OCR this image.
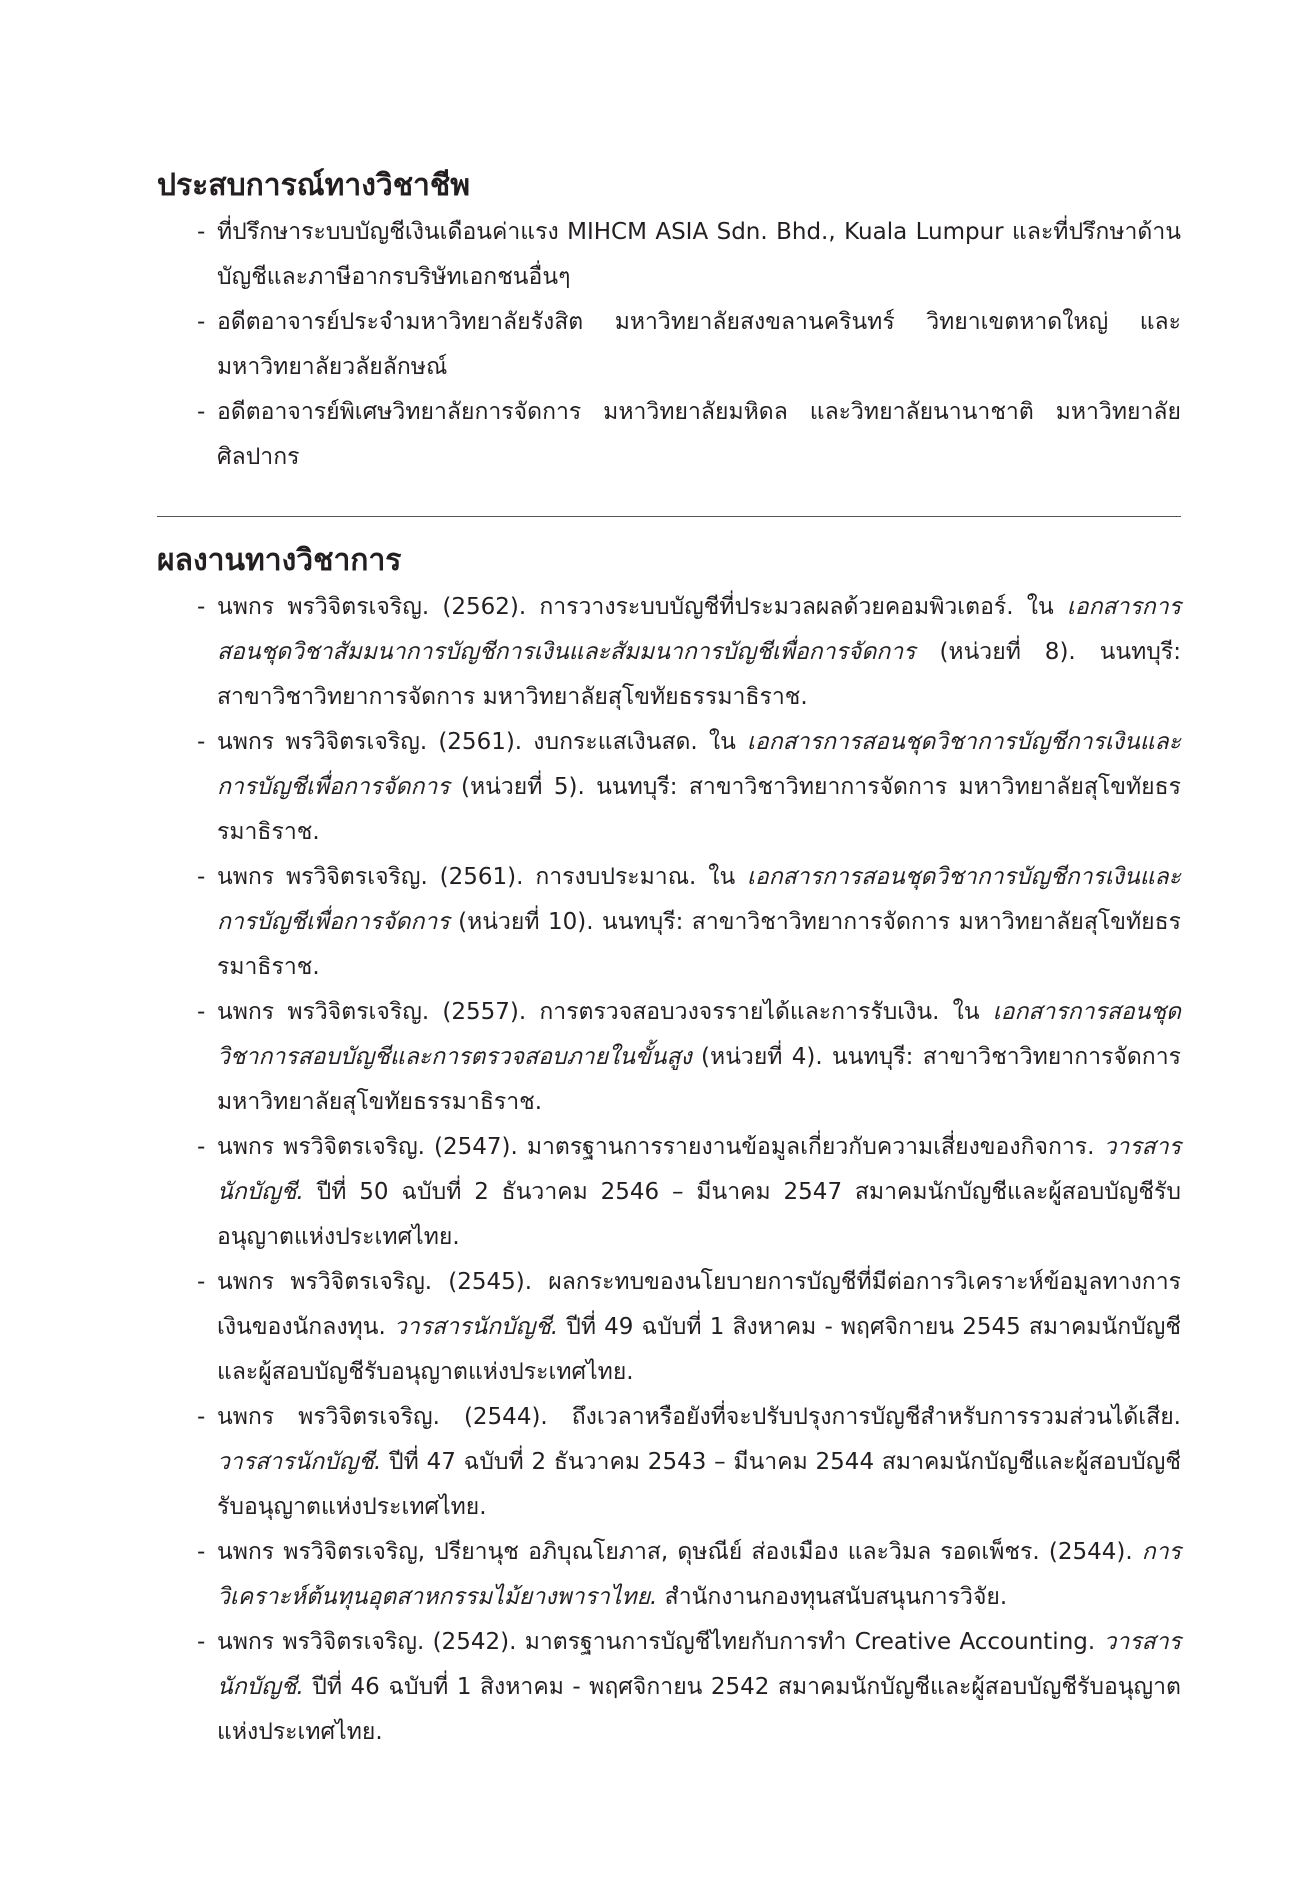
ประสบการณ์ทางวิชาชีพ
- ที่ปรึกษาระบบบัญชีเงินเดือนค่าแรง MIHCM ASIA Sdn. Bhd., Kuala Lumpur และที่ปรึกษาด้านบัญชีและภาษีอากรบริษัทเอกชนอื่นๆ
- อดีตอาจารย์ประจำมหาวิทยาลัยรังสิต มหาวิทยาลัยสงขลานครินทร์ วิทยาเขตหาดใหญ่ และมหาวิทยาลัยวลัยลักษณ์
- อดีตอาจารย์พิเศษวิทยาลัยการจัดการ มหาวิทยาลัยมหิดล และวิทยาลัยนานาชาติ มหาวิทยาลัยศิลปากร
ผลงานทางวิชาการ
- นพกร พรวิจิตรเจริญ. (2562). การวางระบบบัญชีที่ประมวลผลด้วยคอมพิวเตอร์. ใน เอกสารการสอนชุดวิชาสัมมนาการบัญชีการเงินและสัมมนาการบัญชีเพื่อการจัดการ (หน่วยที่ 8). นนทบุรี: สาขาวิชาวิทยาการจัดการ มหาวิทยาลัยสุโขทัยธรรมาธิราช.
- นพกร พรวิจิตรเจริญ. (2561). งบกระแสเงินสด. ใน เอกสารการสอนชุดวิชาการบัญชีการเงินและการบัญชีเพื่อการจัดการ (หน่วยที่ 5). นนทบุรี: สาขาวิชาวิทยาการจัดการ มหาวิทยาลัยสุโขทัยธรรมาธิราช.
- นพกร พรวิจิตรเจริญ. (2561). การงบประมาณ. ใน เอกสารการสอนชุดวิชาการบัญชีการเงินและการบัญชีเพื่อการจัดการ (หน่วยที่ 10). นนทบุรี: สาขาวิชาวิทยาการจัดการ มหาวิทยาลัยสุโขทัยธรรมาธิราช.
- นพกร พรวิจิตรเจริญ. (2557). การตรวจสอบวงจรรายได้และการรับเงิน. ใน เอกสารการสอนชุดวิชาการสอบบัญชีและการตรวจสอบภายในขั้นสูง (หน่วยที่ 4). นนทบุรี: สาขาวิชาวิทยาการจัดการ มหาวิทยาลัยสุโขทัยธรรมาธิราช.
- นพกร พรวิจิตรเจริญ. (2547). มาตรฐานการรายงานข้อมูลเกี่ยวกับความเสี่ยงของกิจการ. วารสารนักบัญชี. ปีที่ 50 ฉบับที่ 2 ธันวาคม 2546 – มีนาคม 2547 สมาคมนักบัญชีและผู้สอบบัญชีรับอนุญาตแห่งประเทศไทย.
- นพกร พรวิจิตรเจริญ. (2545). ผลกระทบของนโยบายการบัญชีที่มีต่อการวิเคราะห์ข้อมูลทางการเงินของนักลงทุน. วารสารนักบัญชี. ปีที่ 49 ฉบับที่ 1 สิงหาคม - พฤศจิกายน 2545 สมาคมนักบัญชีและผู้สอบบัญชีรับอนุญาตแห่งประเทศไทย.
- นพกร พรวิจิตรเจริญ. (2544). ถึงเวลาหรือยังที่จะปรับปรุงการบัญชีสำหรับการรวมส่วนได้เสีย. วารสารนักบัญชี. ปีที่ 47 ฉบับที่ 2 ธันวาคม 2543 – มีนาคม 2544 สมาคมนักบัญชีและผู้สอบบัญชีรับอนุญาตแห่งประเทศไทย.
- นพกร พรวิจิตรเจริญ, ปรียานุช อภิบุณโยภาส, ดุษณีย์ ส่องเมือง และวิมล รอดเพ็ชร. (2544). การวิเคราะห์ต้นทุนอุตสาหกรรมไม้ยางพาราไทย. สำนักงานกองทุนสนับสนุนการวิจัย.
- นพกร พรวิจิตรเจริญ. (2542). มาตรฐานการบัญชีไทยกับการทำ Creative Accounting. วารสารนักบัญชี. ปีที่ 46 ฉบับที่ 1 สิงหาคม - พฤศจิกายน 2542 สมาคมนักบัญชีและผู้สอบบัญชีรับอนุญาตแห่งประเทศไทย.
